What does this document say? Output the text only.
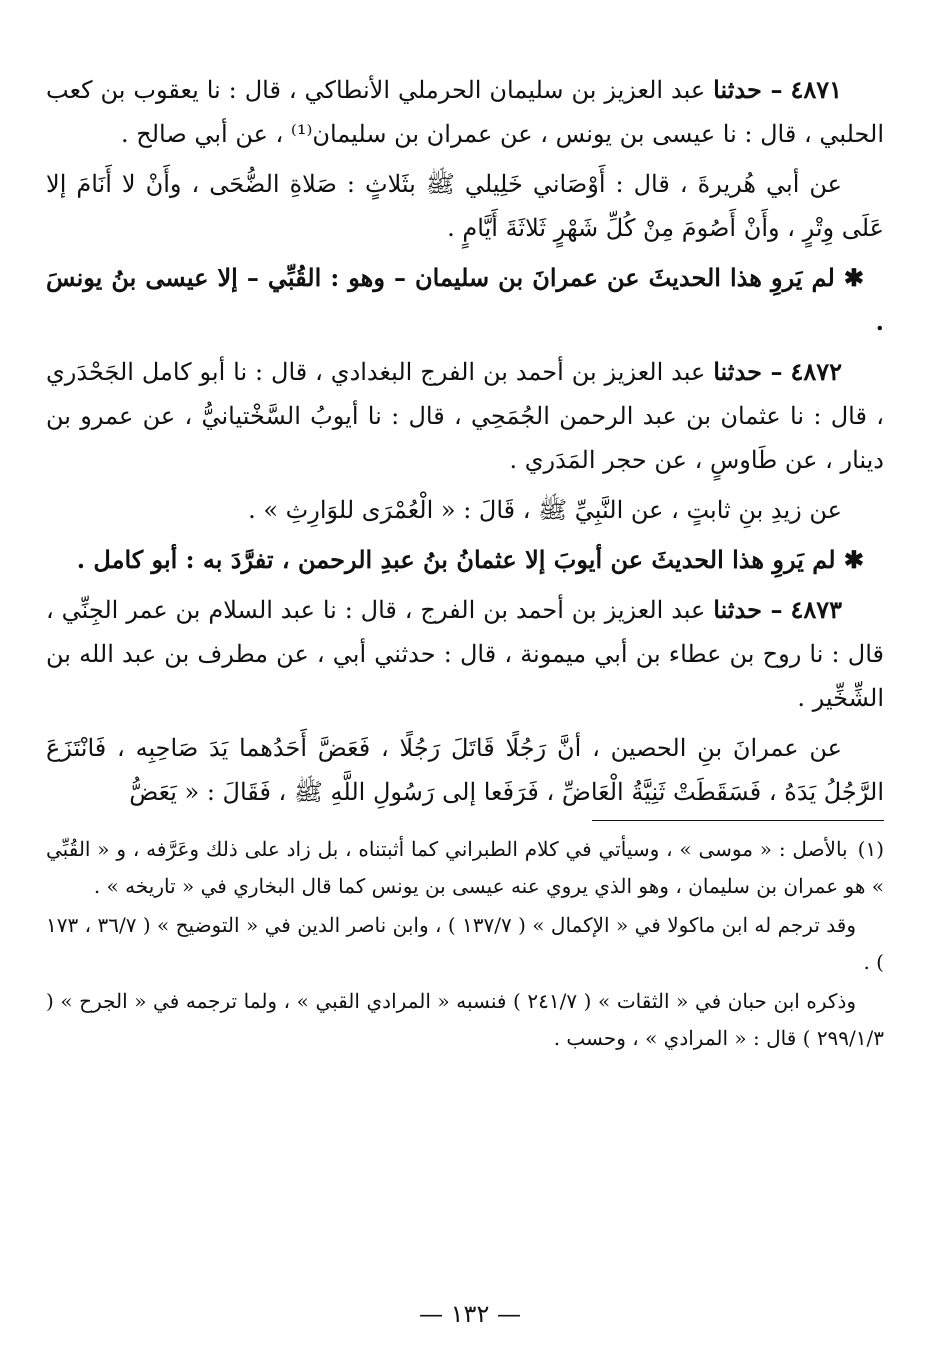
٤٨٧١ – حدثنا عبد العزيز بن سليمان الحرملي الأنطاكي ، قال : نا يعقوب بن كعب الحلبي ، قال : نا عيسى بن يونس ، عن عمران بن سليمان⁽¹⁾ ، عن أبي صالح .

عن أبي هُريرةَ ، قال : أَوْصَاني خَلِيلي ﷺ بثَلاثٍ : صَلاةِ الضُّحَى ، وأَنْ لا أَنَامَ إلا عَلَى وِتْرٍ ، وأَنْ أَصُومَ مِنْ كُلِّ شَهْرٍ ثَلاثَةَ أَيَّامٍ .

✱ لم يَروِ هذا الحديثَ عن عمرانَ بن سليمان – وهو : القُبِّي – إلا عيسى بنُ يونسَ .

٤٨٧٢ – حدثنا عبد العزيز بن أحمد بن الفرج البغدادي ، قال : نا أبو كامل الجَحْدَري ، قال : نا عثمان بن عبد الرحمن الجُمَحِي ، قال : نا أيوبُ السَّخْتيانيُّ ، عن عمرو بن دينار ، عن طَاوسٍ ، عن حجر المَدَري .

عن زيدِ بنِ ثابتٍ ، عن النَّبِيِّ ﷺ ، قَالَ : « الْعُمْرَى للوَارِثِ » .

✱ لم يَروِ هذا الحديثَ عن أيوبَ إلا عثمانُ بنُ عبدِ الرحمن ، تفرَّدَ به : أبو كامل .

٤٨٧٣ – حدثنا عبد العزيز بن أحمد بن الفرج ، قال : نا عبد السلام بن عمر الجِنِّي ، قال : نا روح بن عطاء بن أبي ميمونة ، قال : حدثني أبي ، عن مطرف بن عبد الله بن الشِّخِّير .

عن عمرانَ بنِ الحصين ، أنَّ رَجُلًا قَاتَلَ رَجُلًا ، فَعَضَّ أَحَدُهما يَدَ صَاحِبِه ، فَانْتَزَعَ الرَّجُلُ يَدَهُ ، فَسَقَطَتْ ثَنِيَّةُ الْعَاضِّ ، فَرَفَعا إلى رَسُولِ اللَّهِ ﷺ ، فَقَالَ : « يَعَضُّ

(١)بالأصل : « موسى » ، وسيأتي في كلام الطبراني كما أثبتناه ، بل زاد على ذلك وعَرَّفه ، و « القُبِّي » هو عمران بن سليمان ، وهو الذي يروي عنه عيسى بن يونس كما قال البخاري في « تاريخه » .

وقد ترجم له ابن ماكولا في « الإكمال » ( ١٣٧/٧ ) ، وابن ناصر الدين في « التوضيح » ( ٣٦/٧ ، ١٧٣ ) .

وذكره ابن حبان في « الثقات » ( ٢٤١/٧ ) فنسبه « المرادي القبي » ، ولما ترجمه في « الجرح » ( ٢٩٩/١/٣ ) قال : « المرادي » ، وحسب .

— ١٣٢ —
